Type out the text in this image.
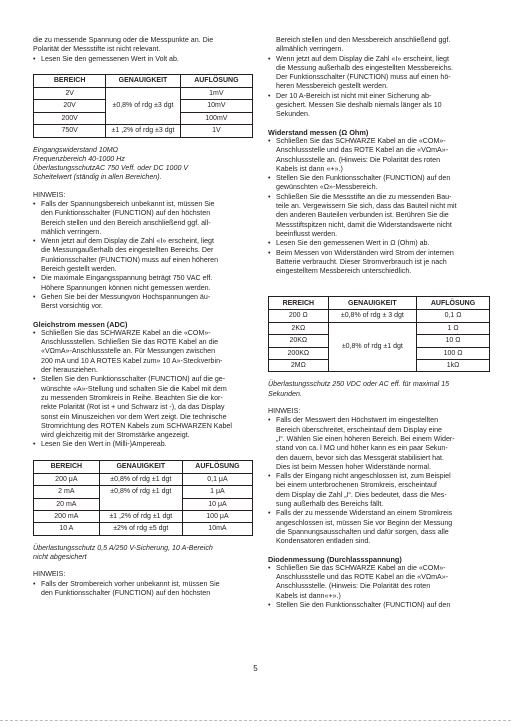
die zu messende Spannung oder die Messpunkte an. Die
Polarität der Messstifte ist nicht relevant.

• Lesen Sie den gemessenen Wert in Volt ab.
BEREICH	GENAUIGKEIT	AUFLÖSUNG
2V	±0,8% of rdg ±3 dgt	1mV
20V		10mV
200V		100mV
750V	±1 ,2% of rdg ±3 dgt	1V

Eingangswiderstand 10MΩ
Frequenzbereich 40-1000 Hz
ÜberlastungsschutzAC 750 Veff. oder DC 1000 V
Scheitelwert (ständig in allen Bereichen).

HINWEIS:

• Falls der Spannungsbereich unbekannt ist, müssen Sie
den Funktionsschalter (FUNCTION) auf den höchsten
Bereich stellen und den Bereich anschließend ggf. all-
mählich verringern.
• Wenn jetzt auf dem Display die Zahl «I» erscheint, liegt
die Messungaußerhalb des eingestellten Bereichs. Der
Funktionsschalter (FUNCTION) muss auf einen höheren
Bereich gestellt werden.
• Die maximale Eingangsspannung beträgt 750 VAC eff.
Höhere Spannungen können nicht gemessen werden.
• Gehen Sie bei der Messungvon Hochspannungen äu-
Berst vorsichtig vor.

Gleichstrom messen (ADC)

• Schließen Sie das SCHWARZE Kabel an die «COM»-
Anschlussstellen. Schließen Sie das ROTE Kabel an die
«VΩmA»-Anschlussstelle an. Für Messungen zwischen
200 mA und 10 A ROTES Kabel zum» 10 A»-Steckverbin-
der herausziehen.
• Stellen Sie den Funktionsschalter (FUNCTION) auf die ge-
wünschte «A»-Stellung und schalten Sie die Kabel mit dem
zu messenden Stromkreis in Reihe. Beachten Sie die kor-
rekte Polarität (Rot ist + und Schwarz ist -), da das Display
sonst ein Minuszeichen vor dem Wert zeigt. Die technische
Stromrichtung des ROTEN Kabels zum SCHWARZEN Kabel
wird gleichzeitig mit der Stromstärke angezeigt.
• Lesen Sie den Wert in (Milli-)Ampereab.
BEREICH	GENAUIGKEIT	AUFLÖSUNG
200 μA	±0,8% of rdg ±1 dgt	0,1 μA
2 mA	±0,8% of rdg ±1 dgt	1 μA
20 mA		10 μA
200 mA	±1 ,2% of rdg ±1 dgt	100 μA
10 A	±2% of rdg ±5 dgt	10mA

Überlastungsschutz 0,5 A/250 V-Sicherung, 10 A-Bereich
nicht abgesichert

HINWEIS:

• Falls der Strombereich vorher unbekannt ist, müssen Sie
den Funktionsschalter (FUNCTION) auf den höchsten

Bereich stellen und den Messbereich anschließend ggf.
allmählich verringern.

• Wenn jetzt auf dem Display die Zahl «I» erscheint, liegt
die Messung außerhalb des eingestellten Messbereichs.
Der Funktionsschalter (FUNCTION) muss auf einen hö-
heren Messbereich gestellt werden.
• Der 10 A-Bereich ist nicht mit einer Sicherung ab-
gesichert. Messen Sie deshalb niemals länger als 10
Sekunden.

Widerstand messen (Ω Ohm)

• Schließen Sie das SCHWARZE Kabel an die «COM»-
Anschlussstelle und das ROTE Kabel an die «VΩmA»-
Anschlussstelle an. (Hinweis: Die Polarität des roten
Kabels ist dann «+».)
• Stellen Sie den Funktionsschalter (FUNCTION) auf den
gewünschten «Ω»-Messbereich.
• Schließen Sie die Messstifte an die zu messenden Bau-
teile an. Vergewissern Sie sich, dass das Bauteil nicht mit
den anderen Bauteilen verbunden ist. Berühren Sie die
Messstiftspitzen nicht, damit die Widerstandswerte nicht
beeinflusst werden.
• Lesen Sie den gemessenen Wert in Ω (Ohm) ab.
• Beim Messen von Widerständen wird Strom der internen
Batterie verbraucht. Dieser Stromverbrauch ist je nach
eingestelltem Messbereich unterschiedlich.
REREICH	GENAUIGKEIT	AUFLÖSUNG
200 Ω	±0,8% of rdg ± 3 dgt	0,1 Ω
2KΩ	±0,8% of rdg ±1 dgt	1 Ω
20KΩ		10 Ω
200KΩ		100 Ω
2MΩ		1kΩ

Überlastungsschutz 250 VDC oder AC eff. für maximal 15
Sekunden.

HINWEIS:

• Falls der Messwert den Höchstwert im eingestellten
Bereich überschreitet, erscheintauf dem Display eine
„I“. Wählen Sie einen höheren Bereich. Bei einem Wider-
stand von ca. l MΩ und höher kann es ein paar Sekun-
den dauern, bevor sich das Messgerät stabilisiert hat.
Dies ist beim Messen hoher Widerstände normal.
• Falls der Eingang nicht angeschlossen ist, zum Beispiel
bei einem unterbrochenen Stromkreis, erscheintauf
dem Display die Zahl „I“. Dies bedeutet, dass die Mes-
sung außerhalb des Bereichs fällt.
• Falls der zu messende Widerstand an einem Stromkreis
angeschlossen ist, müssen Sie vor Beginn der Messung
die Spannungsausschalten und dafür sorgen, dass alle
Kondensatoren entladen sind.

Diodenmessung (Durchlassspannung)

• Schließen Sie das SCHWARZE Kabel an die «COM»-
Anschlussstelle und das ROTE Kabel an die «VΩmA»-
Anschlussstelle. (Hinweis: Die Polarität des roten
Kabels ist dann«+».)
• Stellen Sie den Funktionsschalter (FUNCTION) auf den
5
